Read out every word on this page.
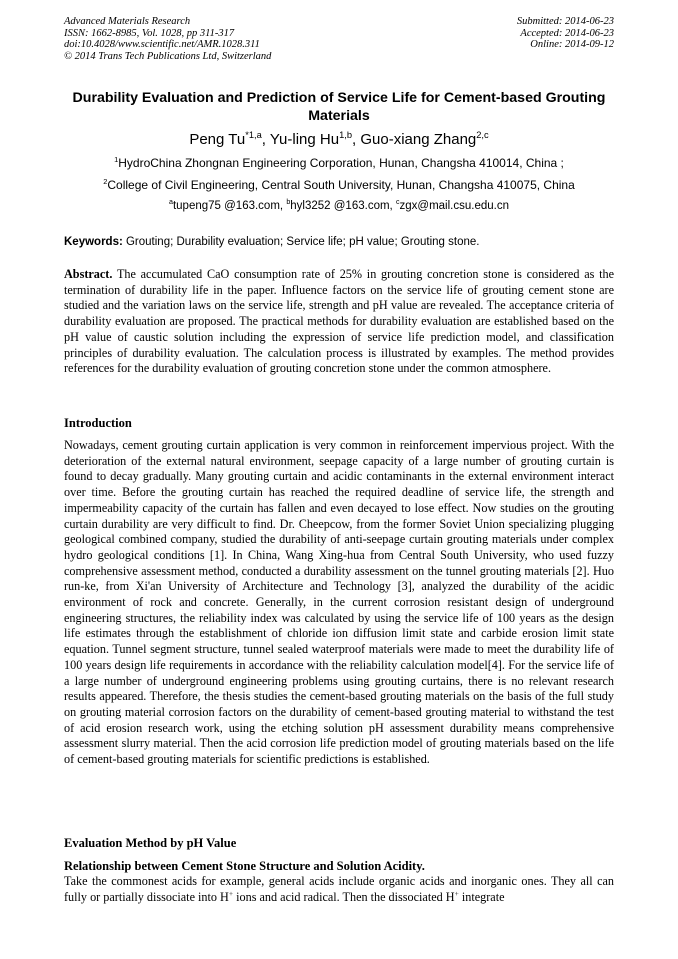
Advanced Materials Research
ISSN: 1662-8985, Vol. 1028, pp 311-317
doi:10.4028/www.scientific.net/AMR.1028.311
© 2014 Trans Tech Publications Ltd, Switzerland
Submitted: 2014-06-23
Accepted: 2014-06-23
Online: 2014-09-12
Durability Evaluation and Prediction of Service Life for Cement-based Grouting Materials
Peng Tu$^{*1,a}$, Yu-ling Hu$^{1,b}$, Guo-xiang Zhang$^{2,c}$
$^1$HydroChina Zhongnan Engineering Corporation, Hunan, Changsha 410014, China ;
$^2$College of Civil Engineering, Central South University, Hunan, Changsha 410075, China
$^a$tupeng75 @163.com, $^b$hyl3252 @163.com, $^c$zgx@mail.csu.edu.cn
Keywords: Grouting; Durability evaluation; Service life; pH value; Grouting stone.
Abstract. The accumulated CaO consumption rate of 25% in grouting concretion stone is considered as the termination of durability life in the paper. Influence factors on the service life of grouting cement stone are studied and the variation laws on the service life, strength and pH value are revealed. The acceptance criteria of durability evaluation are proposed. The practical methods for durability evaluation are established based on the pH value of caustic solution including the expression of service life prediction model, and classification principles of durability evaluation. The calculation process is illustrated by examples. The method provides references for the durability evaluation of grouting concretion stone under the common atmosphere.
Introduction
Nowadays, cement grouting curtain application is very common in reinforcement impervious project. With the deterioration of the external natural environment, seepage capacity of a large number of grouting curtain is found to decay gradually. Many grouting curtain and acidic contaminants in the external environment interact over time. Before the grouting curtain has reached the required deadline of service life, the strength and impermeability capacity of the curtain has fallen and even decayed to lose effect. Now studies on the grouting curtain durability are very difficult to find. Dr. Cheepcow, from the former Soviet Union specializing plugging geological combined company, studied the durability of anti-seepage curtain grouting materials under complex hydro geological conditions [1]. In China, Wang Xing-hua from Central South University, who used fuzzy comprehensive assessment method, conducted a durability assessment on the tunnel grouting materials [2]. Huo run-ke, from Xi'an University of Architecture and Technology [3], analyzed the durability of the acidic environment of rock and concrete. Generally, in the current corrosion resistant design of underground engineering structures, the reliability index was calculated by using the service life of 100 years as the design life estimates through the establishment of chloride ion diffusion limit state and carbide erosion limit state equation. Tunnel segment structure, tunnel sealed waterproof materials were made to meet the durability life of 100 years design life requirements in accordance with the reliability calculation model[4]. For the service life of a large number of underground engineering problems using grouting curtains, there is no relevant research results appeared. Therefore, the thesis studies the cement-based grouting materials on the basis of the full study on grouting material corrosion factors on the durability of cement-based grouting material to withstand the test of acid erosion research work, using the etching solution pH assessment durability means comprehensive assessment slurry material. Then the acid corrosion life prediction model of grouting materials based on the life of cement-based grouting materials for scientific predictions is established.
Evaluation Method by pH Value
Relationship between Cement Stone Structure and Solution Acidity.
Take the commonest acids for example, general acids include organic acids and inorganic ones. They all can fully or partially dissociate into H+ ions and acid radical. Then the dissociated H+ integrate
